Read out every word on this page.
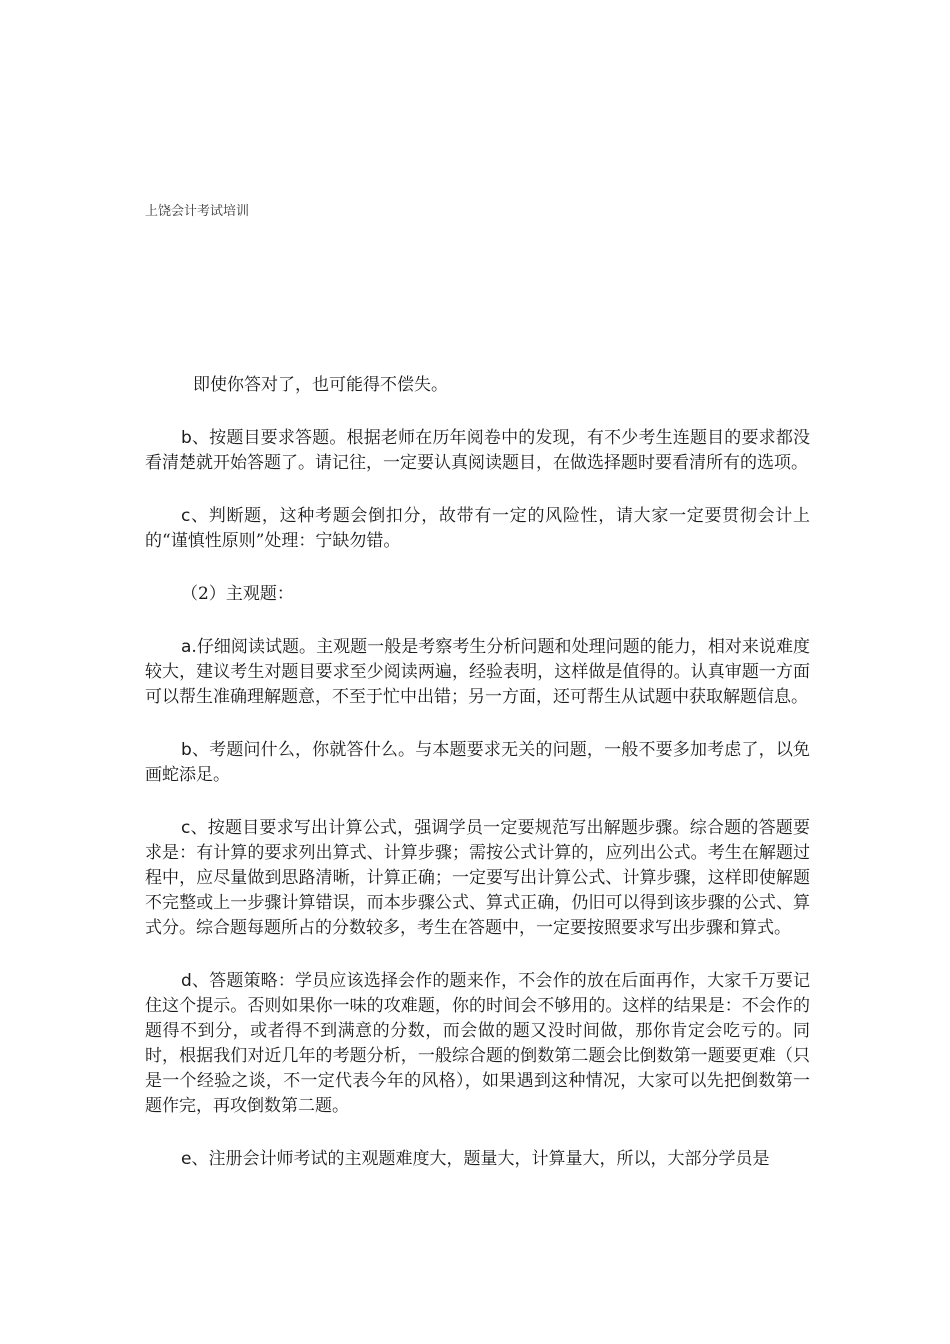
上饶会计考试培训

即使你答对了，也可能得不偿失。

b、按题目要求答题。根据老师在历年阅卷中的发现，有不少考生连题目的要求都没看清楚就开始答题了。请记往，一定要认真阅读题目，在做选择题时要看清所有的选项。

c、判断题，这种考题会倒扣分，故带有一定的风险性，请大家一定要贯彻会计上的“谨慎性原则”处理：宁缺勿错。

（2）主观题：

a.仔细阅读试题。主观题一般是考察考生分析问题和处理问题的能力，相对来说难度较大，建议考生对题目要求至少阅读两遍，经验表明，这样做是值得的。认真审题一方面可以帮生准确理解题意，不至于忙中出错；另一方面，还可帮生从试题中获取解题信息。

b、考题问什么，你就答什么。与本题要求无关的问题，一般不要多加考虑了，以免画蛇添足。

c、按题目要求写出计算公式，强调学员一定要规范写出解题步骤。综合题的答题要求是：有计算的要求列出算式、计算步骤；需按公式计算的，应列出公式。考生在解题过程中，应尽量做到思路清晰，计算正确；一定要写出计算公式、计算步骤，这样即使解题不完整或上一步骤计算错误，而本步骤公式、算式正确，仍旧可以得到该步骤的公式、算式分。综合题每题所占的分数较多，考生在答题中，一定要按照要求写出步骤和算式。

d、答题策略：学员应该选择会作的题来作，不会作的放在后面再作，大家千万要记住这个提示。否则如果你一味的攻难题，你的时间会不够用的。这样的结果是：不会作的题得不到分，或者得不到满意的分数，而会做的题又没时间做，那你肯定会吃亏的。同时，根据我们对近几年的考题分析，一般综合题的倒数第二题会比倒数第一题要更难（只是一个经验之谈，不一定代表今年的风格），如果遇到这种情况，大家可以先把倒数第一题作完，再攻倒数第二题。

e、注册会计师考试的主观题难度大，题量大，计算量大，所以，大部分学员是
